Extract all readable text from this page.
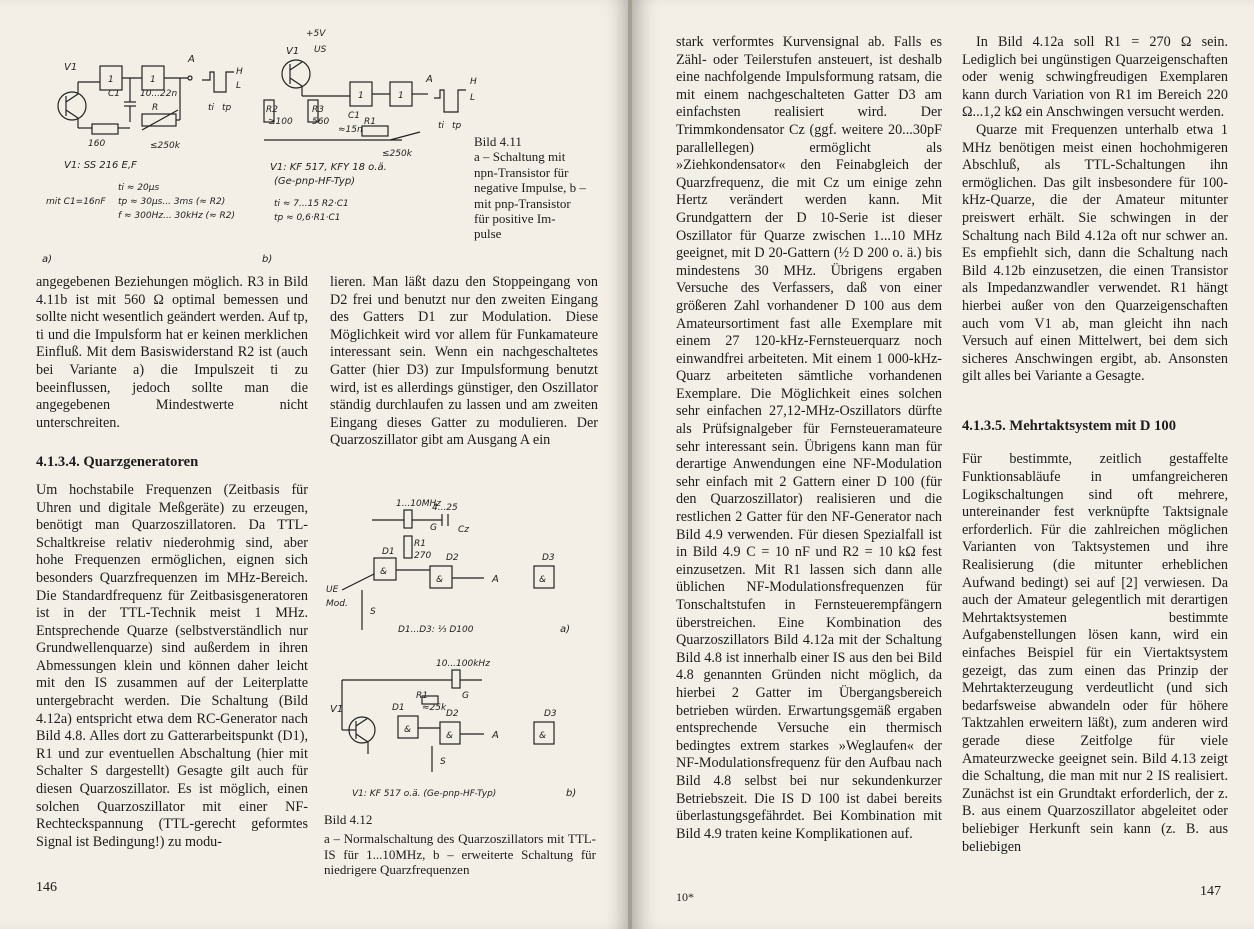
V1
1	1
A
H
L
ti tp
C1 10...22n
R
160	≤250k
V1: SS 216 E,F
mit C1=16nF
ti ≈ 20µs
tp ≈ 30µs... 3ms (≈ R2)
f ≈ 300Hz... 30kHz (≈ R2)
a)
+5V
V1 US
R2
≥100
R3
560
C1
≈15n
R1
1	1
A	H
L
ti tp
≤250k
V1: KF 517, KFY 18 o.ä.
(Ge-pnp-HF-Typ)
ti ≈ 7...15 R2·C1
tp ≈ 0,6·R1·C1
b)
Bild 4.11
a – Schaltung mit
npn-Transistor für
negative Impulse, b –
mit pnp-Transistor
für positive Im-
pulse

angegebenen Beziehungen möglich. R3 in Bild 4.11b ist mit 560 Ω optimal bemessen und sollte nicht wesentlich geändert werden. Auf tp, ti und die Impulsform hat er keinen merklichen Einfluß. Mit dem Basiswiderstand R2 ist (auch bei Variante a) die Impulszeit ti zu beeinflussen, jedoch sollte man die angegebenen Mindestwerte nicht unterschreiten.

4.1.3.4. Quarzgeneratoren

Um hochstabile Frequenzen (Zeitbasis für Uhren und digitale Meßgeräte) zu erzeugen, benötigt man Quarzoszillatoren. Da TTL-Schaltkreise relativ niederohmig sind, aber hohe Frequenzen ermöglichen, eignen sich besonders Quarzfrequenzen im MHz-Bereich. Die Standardfrequenz für Zeitbasisgeneratoren ist in der TTL-Technik meist 1 MHz. Entsprechende Quarze (selbstverständlich nur Grundwellenquarze) sind außerdem in ihren Abmessungen klein und können daher leicht mit den IS zusammen auf der Leiterplatte untergebracht werden. Die Schaltung (Bild 4.12a) entspricht etwa dem RC-Generator nach Bild 4.8. Alles dort zu Gatterarbeitspunkt (D1), R1 und zur eventuellen Abschaltung (hier mit Schalter S dargestellt) Gesagte gilt auch für diesen Quarzoszillator. Es ist möglich, einen solchen Quarzoszillator mit einer NF-Rechteckspannung (TTL-gerecht geformtes Signal ist Bedingung!) zu modu-

lieren. Man läßt dazu den Stoppeingang von D2 frei und benutzt nur den zweiten Eingang des Gatters D1 zur Modulation. Diese Möglichkeit wird vor allem für Funkamateure interessant sein. Wenn ein nachgeschaltetes Gatter (hier D3) zur Impulsformung benutzt wird, ist es allerdings günstiger, den Oszillator ständig durchlaufen zu lassen und am zweiten Eingang dieses Gatter zu modulieren. Der Quarzoszillator gibt am Ausgang A ein

1...10MHz
4...25
G Cz
R1
270
D1
&
D2
&	A
D3
&
UE
Mod.
S
D1...D3: ⅓ D100	a)
10...100kHz
G
R1
≈25k
D1
D2
&
&	A
D3
&
V1
S
V1: KF 517 o.ä. (Ge-pnp-HF-Typ)	b)
Bild 4.12
a – Normalschaltung des Quarzoszillators mit TTL-IS für 1...10MHz, b – erweiterte Schaltung für niedrigere Quarzfrequenzen
146

stark verformtes Kurvensignal ab. Falls es Zähl- oder Teilerstufen ansteuert, ist deshalb eine nachfolgende Impulsformung ratsam, die mit einem nachgeschalteten Gatter D3 am einfachsten realisiert wird. Der Trimmkondensator Cz (ggf. weitere 20...30pF parallellegen) ermöglicht als »Ziehkondensator« den Feinabgleich der Quarzfrequenz, die mit Cz um einige zehn Hertz verändert werden kann. Mit Grundgattern der D 10-Serie ist dieser Oszillator für Quarze zwischen 1...10 MHz geeignet, mit D 20-Gattern (½ D 200 o. ä.) bis mindestens 30 MHz. Übrigens ergaben Versuche des Verfassers, daß von einer größeren Zahl vorhandener D 100 aus dem Amateursortiment fast alle Exemplare mit einem 27 120-kHz-Fernsteuerquarz noch einwandfrei arbeiteten. Mit einem 1 000-kHz-Quarz arbeiteten sämtliche vorhandenen Exemplare. Die Möglichkeit eines solchen sehr einfachen 27,12-MHz-Oszillators dürfte als Prüfsignalgeber für Fernsteueramateure sehr interessant sein. Übrigens kann man für derartige Anwendungen eine NF-Modulation sehr einfach mit 2 Gattern einer D 100 (für den Quarzoszillator) realisieren und die restlichen 2 Gatter für den NF-Generator nach Bild 4.9 verwenden. Für diesen Spezialfall ist in Bild 4.9 C = 10 nF und R2 = 10 kΩ fest einzusetzen. Mit R1 lassen sich dann alle üblichen NF-Modulationsfrequenzen für Tonschaltstufen in Fernsteuerempfängern überstreichen. Eine Kombination des Quarzoszillators Bild 4.12a mit der Schaltung Bild 4.8 ist innerhalb einer IS aus den bei Bild 4.8 genannten Gründen nicht möglich, da hierbei 2 Gatter im Übergangsbereich betrieben würden. Erwartungsgemäß ergaben entsprechende Versuche ein thermisch bedingtes extrem starkes »Weglaufen« der NF-Modulationsfrequenz für den Aufbau nach Bild 4.8 selbst bei nur sekundenkurzer Betriebszeit. Die IS D 100 ist dabei bereits überlastungsgefährdet. Bei Kombination mit Bild 4.9 traten keine Komplikationen auf.

In Bild 4.12a soll R1 = 270 Ω sein. Lediglich bei ungünstigen Quarzeigenschaften oder wenig schwingfreudigen Exemplaren kann durch Variation von R1 im Bereich 220 Ω...1,2 kΩ ein Anschwingen versucht werden.

Quarze mit Frequenzen unterhalb etwa 1 MHz benötigen meist einen hochohmigeren Abschluß, als TTL-Schaltungen ihn ermöglichen. Das gilt insbesondere für 100-kHz-Quarze, die der Amateur mitunter preiswert erhält. Sie schwingen in der Schaltung nach Bild 4.12a oft nur schwer an. Es empfiehlt sich, dann die Schaltung nach Bild 4.12b einzusetzen, die einen Transistor als Impedanzwandler verwendet. R1 hängt hierbei außer von den Quarzeigenschaften auch vom V1 ab, man gleicht ihn nach Versuch auf einen Mittelwert, bei dem sich sicheres Anschwingen ergibt, ab. Ansonsten gilt alles bei Variante a Gesagte.

4.1.3.5. Mehrtaktsystem mit D 100

Für bestimmte, zeitlich gestaffelte Funktionsabläufe in umfangreicheren Logikschaltungen sind oft mehrere, untereinander fest verknüpfte Taktsignale erforderlich. Für die zahlreichen möglichen Varianten von Taktsystemen und ihre Realisierung (die mitunter erheblichen Aufwand bedingt) sei auf [2] verwiesen. Da auch der Amateur gelegentlich mit derartigen Mehrtaktsystemen bestimmte Aufgabenstellungen lösen kann, wird ein einfaches Beispiel für ein Viertaktsystem gezeigt, das zum einen das Prinzip der Mehrtakterzeugung verdeutlicht (und sich bedarfsweise abwandeln oder für höhere Taktzahlen erweitern läßt), zum anderen wird gerade diese Zeitfolge für viele Amateurzwecke geeignet sein. Bild 4.13 zeigt die Schaltung, die man mit nur 2 IS realisiert. Zunächst ist ein Grundtakt erforderlich, der z. B. aus einem Quarzoszillator abgeleitet oder beliebiger Herkunft sein kann (z. B. aus beliebigen

10*	147
